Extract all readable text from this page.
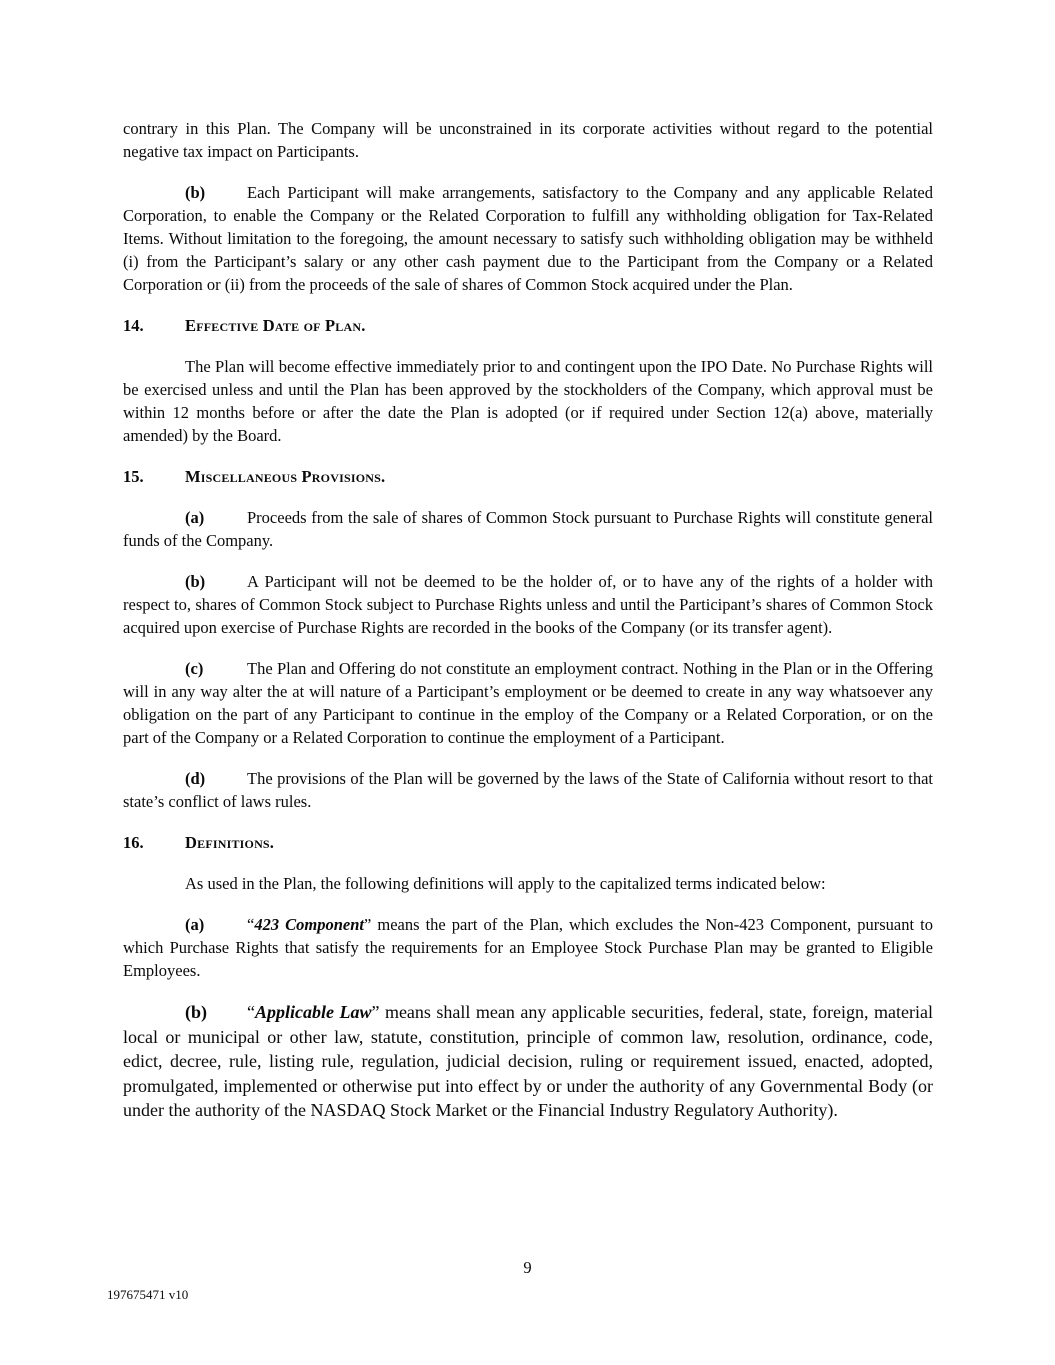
contrary in this Plan. The Company will be unconstrained in its corporate activities without regard to the potential negative tax impact on Participants.

(b)	Each Participant will make arrangements, satisfactory to the Company and any applicable Related Corporation, to enable the Company or the Related Corporation to fulfill any withholding obligation for Tax-Related Items. Without limitation to the foregoing, the amount necessary to satisfy such withholding obligation may be withheld (i) from the Participant’s salary or any other cash payment due to the Participant from the Company or a Related Corporation or (ii) from the proceeds of the sale of shares of Common Stock acquired under the Plan.

14.	Effective Date of Plan.

The Plan will become effective immediately prior to and contingent upon the IPO Date. No Purchase Rights will be exercised unless and until the Plan has been approved by the stockholders of the Company, which approval must be within 12 months before or after the date the Plan is adopted (or if required under Section 12(a) above, materially amended) by the Board.

15.	Miscellaneous Provisions.

(a)	Proceeds from the sale of shares of Common Stock pursuant to Purchase Rights will constitute general funds of the Company.

(b)	A Participant will not be deemed to be the holder of, or to have any of the rights of a holder with respect to, shares of Common Stock subject to Purchase Rights unless and until the Participant’s shares of Common Stock acquired upon exercise of Purchase Rights are recorded in the books of the Company (or its transfer agent).

(c)	The Plan and Offering do not constitute an employment contract. Nothing in the Plan or in the Offering will in any way alter the at will nature of a Participant’s employment or be deemed to create in any way whatsoever any obligation on the part of any Participant to continue in the employ of the Company or a Related Corporation, or on the part of the Company or a Related Corporation to continue the employment of a Participant.

(d)	The provisions of the Plan will be governed by the laws of the State of California without resort to that state’s conflict of laws rules.

16.	Definitions.

As used in the Plan, the following definitions will apply to the capitalized terms indicated below:

(a)	“423 Component” means the part of the Plan, which excludes the Non-423 Component, pursuant to which Purchase Rights that satisfy the requirements for an Employee Stock Purchase Plan may be granted to Eligible Employees.

(b) “Applicable Law” means shall mean any applicable securities, federal, state, foreign, material local or municipal or other law, statute, constitution, principle of common law, resolution, ordinance, code, edict, decree, rule, listing rule, regulation, judicial decision, ruling or requirement issued, enacted, adopted, promulgated, implemented or otherwise put into effect by or under the authority of any Governmental Body (or under the authority of the NASDAQ Stock Market or the Financial Industry Regulatory Authority).

9
197675471 v10
